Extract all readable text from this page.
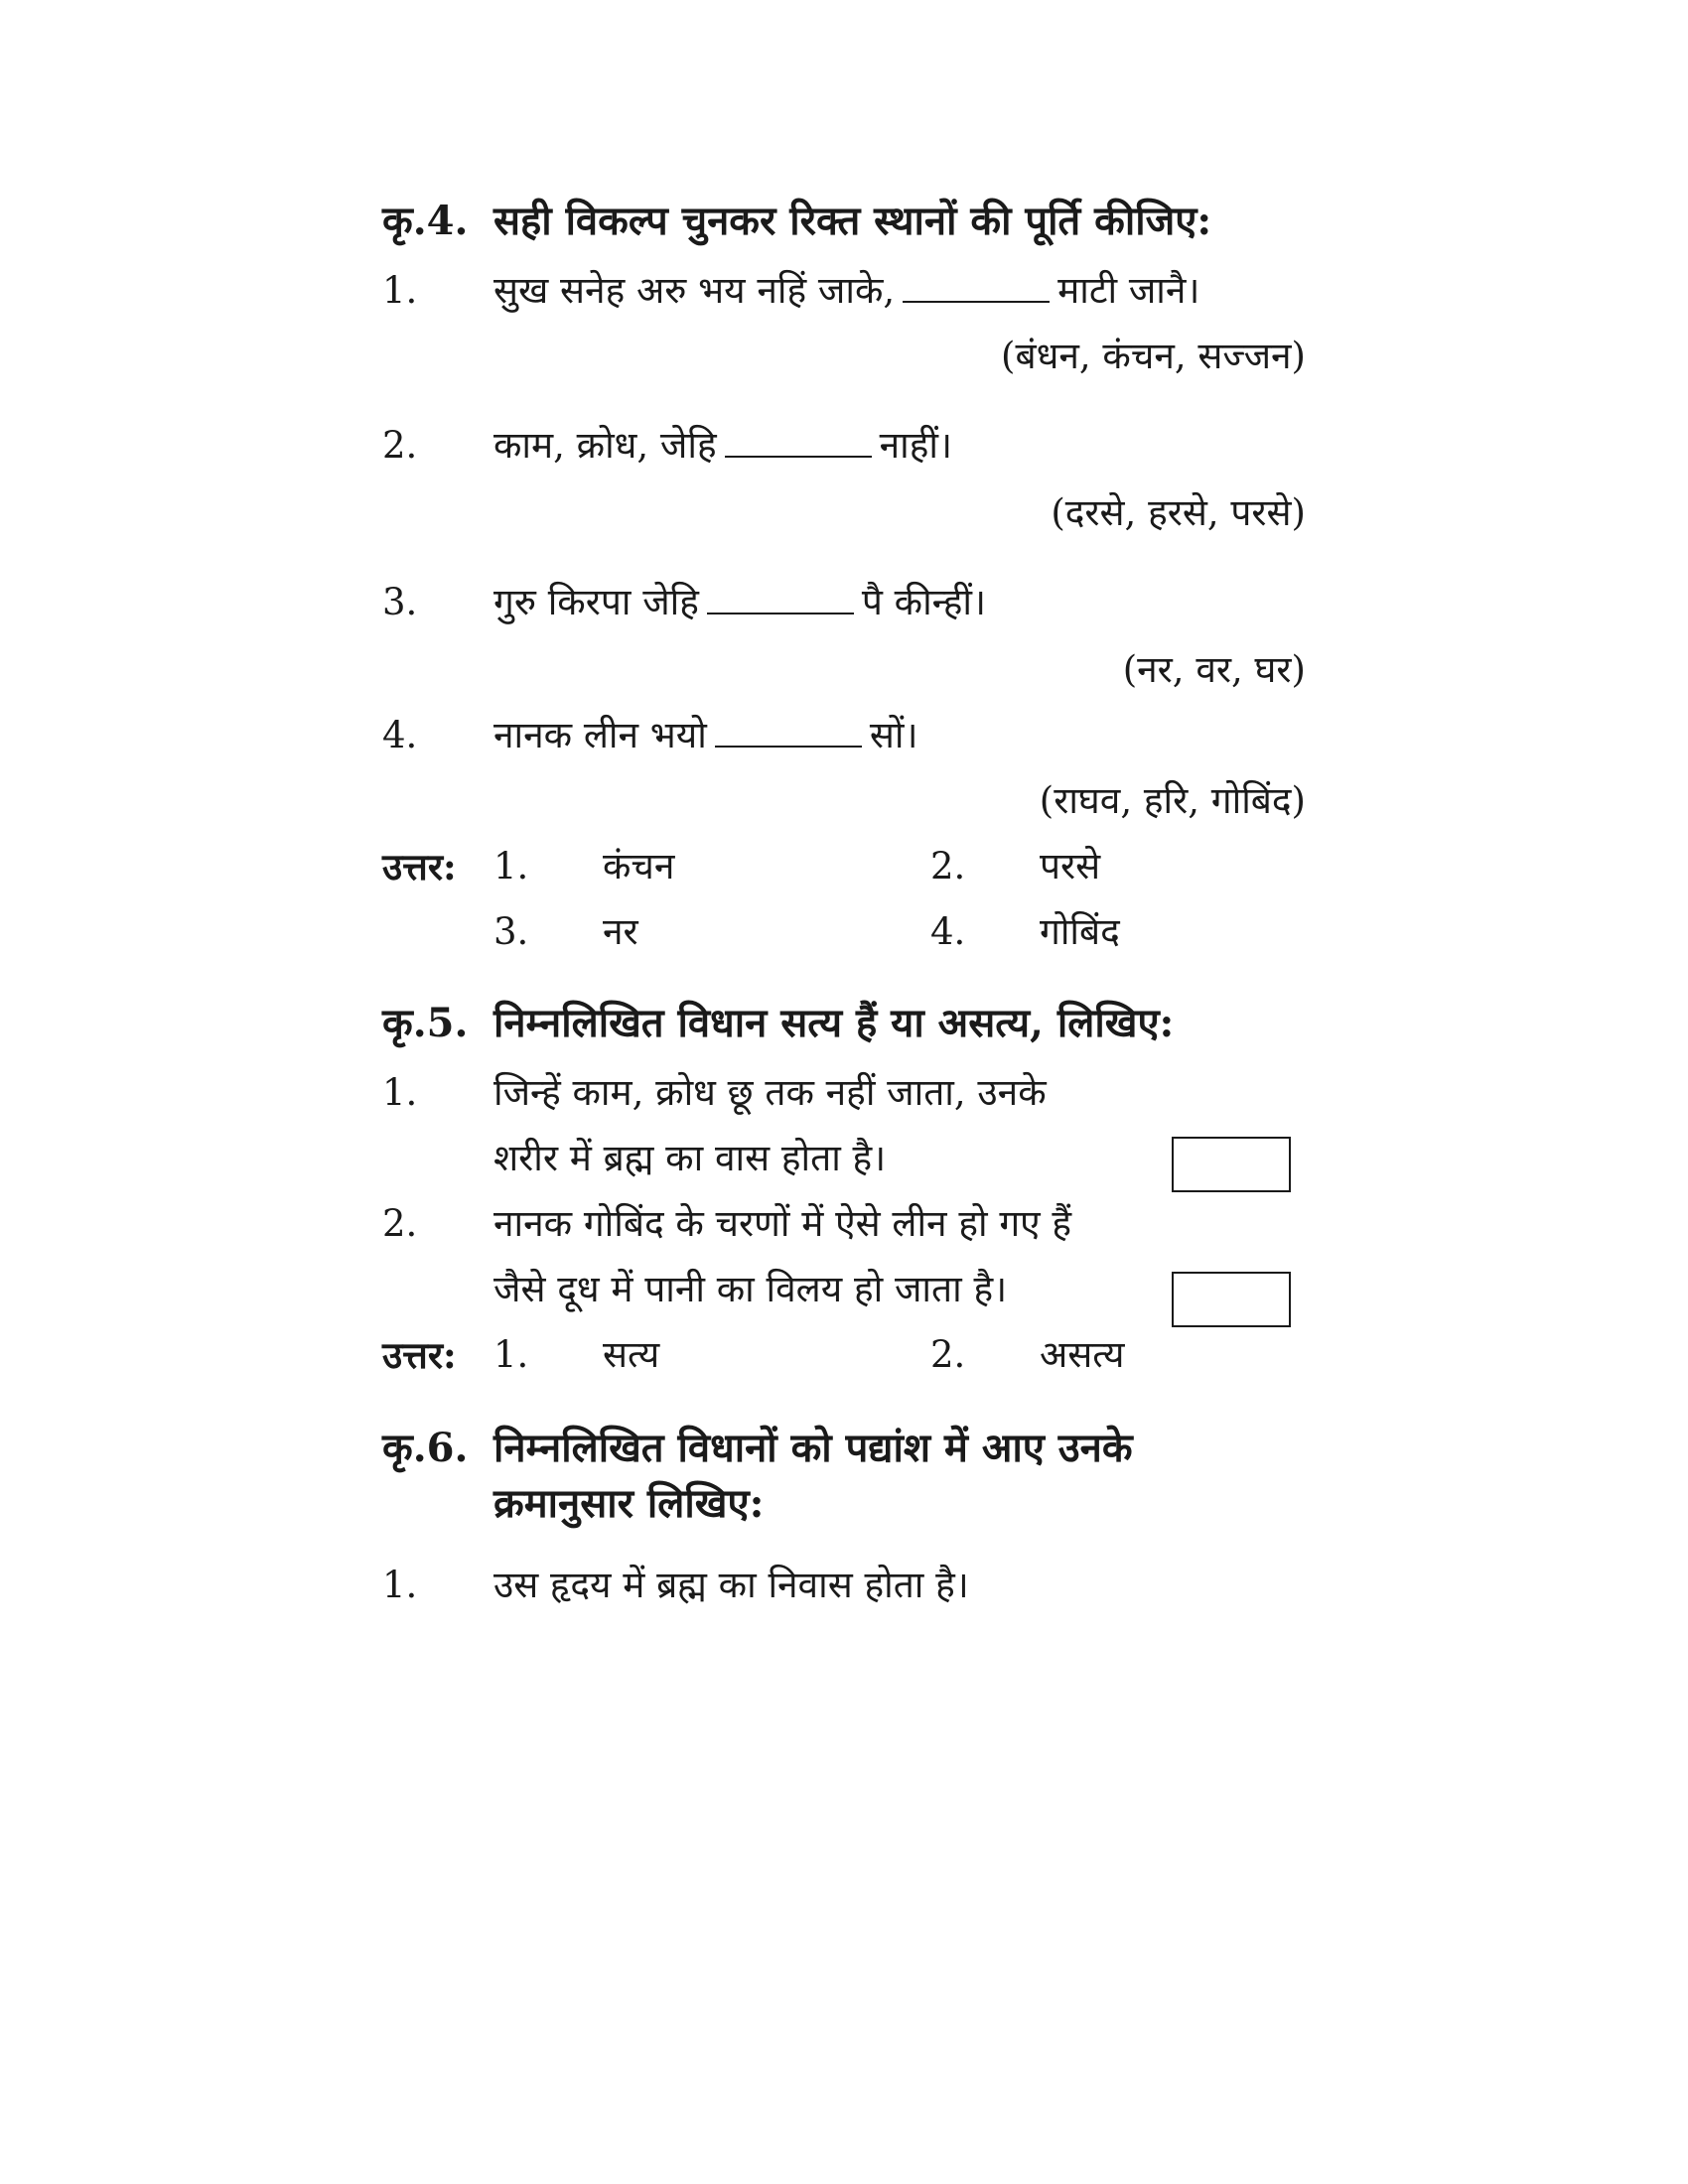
कृ.4. सही विकल्प चुनकर रिक्त स्थानों की पूर्ति कीजिए:
1.	सुख सनेह अरु भय नहिं जाके,	माटी जानै।
(बंधन, कंचन, सज्जन)
2.	काम, क्रोध, जेहि	नाहीं।
(दरसे, हरसे, परसे)
3.	गुरु किरपा जेहि	पै कीन्हीं।
(नर, वर, घर)
4.	नानक लीन भयो	सों।
(राघव, हरि, गोबिंद)
उत्तर: 1. कंचन	2. परसे
3. नर	4. गोबिंद
कृ.5. निम्नलिखित विधान सत्य हैं या असत्य, लिखिए:
1.	जिन्हें काम, क्रोध छू तक नहीं जाता, उनके
शरीर में ब्रह्म का वास होता है।
2.	नानक गोबिंद के चरणों में ऐसे लीन हो गए हैं
जैसे दूध में पानी का विलय हो जाता है।
उत्तर: 1. सत्य	2. असत्य
कृ.6. निम्नलिखित विधानों को पद्यांश में आए उनके
क्रमानुसार लिखिए:
1.	उस हृदय में ब्रह्म का निवास होता है।
